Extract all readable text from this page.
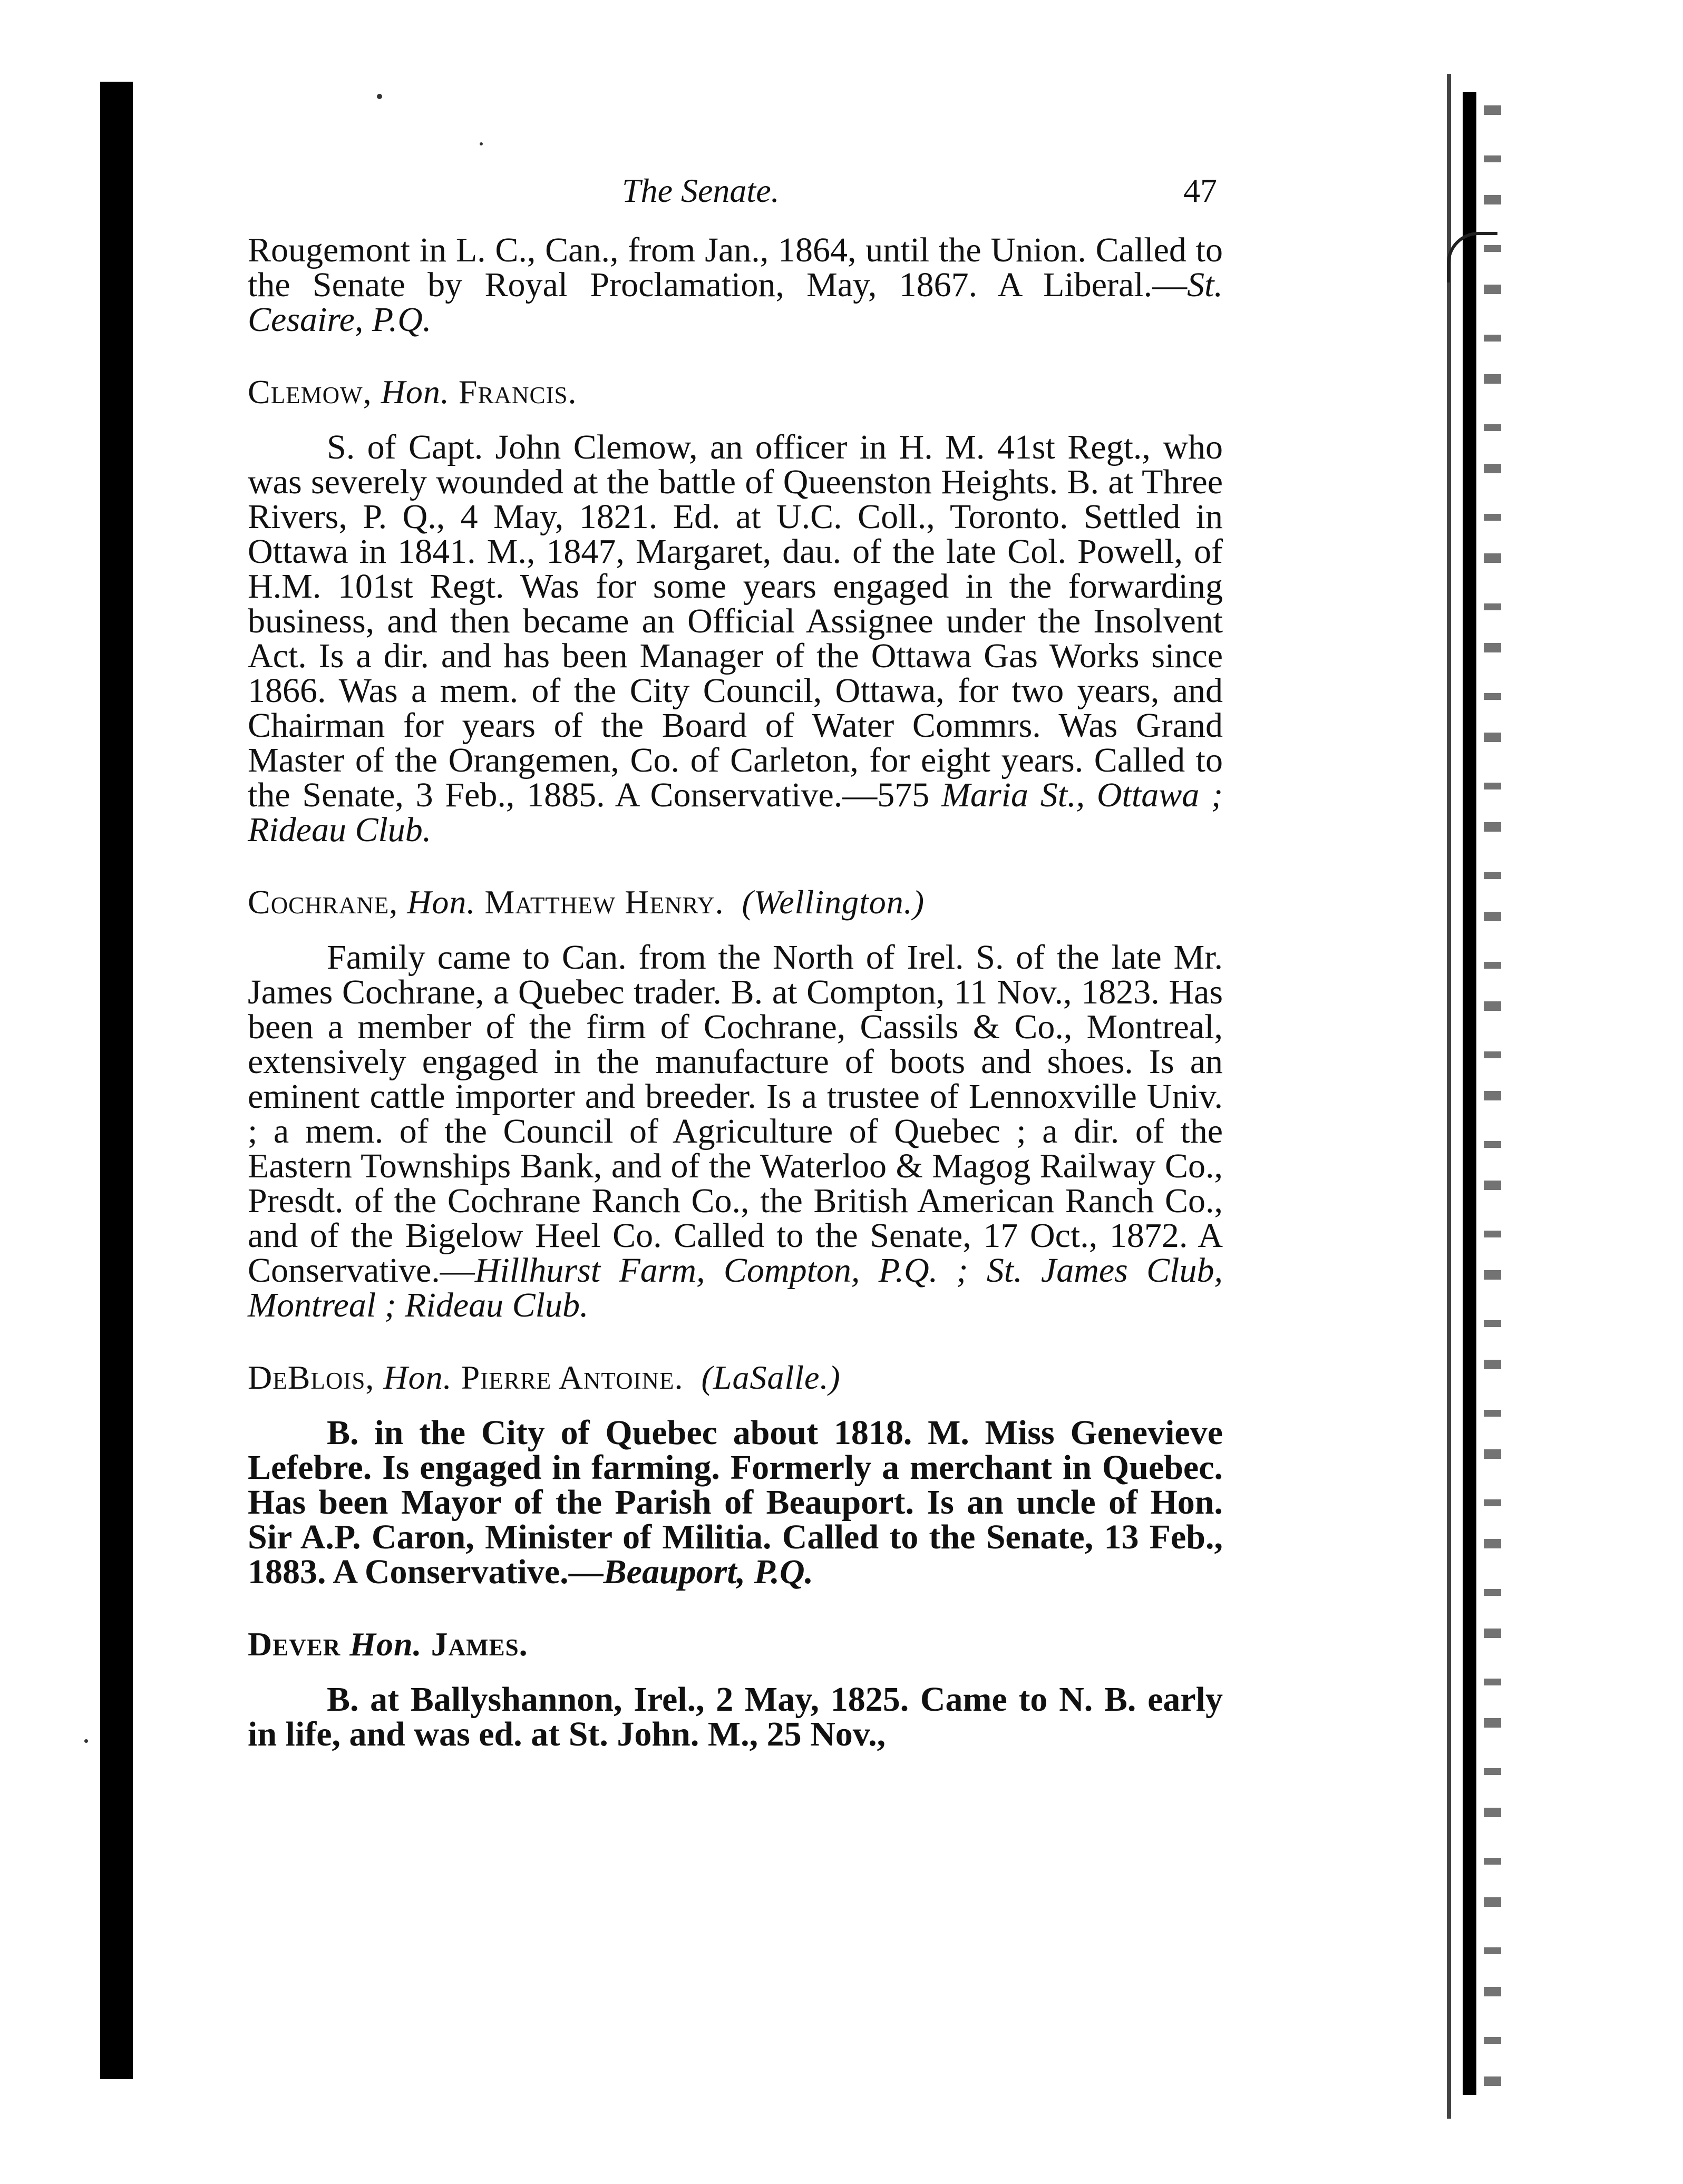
The Senate.	47

Rougemont in L. C., Can., from Jan., 1864, until the Union. Called to the Senate by Royal Proclamation, May, 1867. A Liberal.—St. Cesaire, P.Q.

Clemow, Hon. Francis.

S. of Capt. John Clemow, an officer in H. M. 41st Regt., who was severely wounded at the battle of Queenston Heights. B. at Three Rivers, P. Q., 4 May, 1821. Ed. at U.C. Coll., Toronto. Settled in Ottawa in 1841. M., 1847, Margaret, dau. of the late Col. Powell, of H.M. 101st Regt. Was for some years engaged in the forwarding business, and then became an Official Assignee under the Insolvent Act. Is a dir. and has been Manager of the Ottawa Gas Works since 1866. Was a mem. of the City Council, Ottawa, for two years, and Chairman for years of the Board of Water Commrs. Was Grand Master of the Orangemen, Co. of Carleton, for eight years. Called to the Senate, 3 Feb., 1885. A Conservative.—575 Maria St., Ottawa ; Rideau Club.

Cochrane, Hon. Matthew Henry. (Wellington.)

Family came to Can. from the North of Irel. S. of the late Mr. James Cochrane, a Quebec trader. B. at Compton, 11 Nov., 1823. Has been a member of the firm of Cochrane, Cassils & Co., Montreal, extensively engaged in the manufacture of boots and shoes. Is an eminent cattle importer and breeder. Is a trustee of Lennoxville Univ. ; a mem. of the Council of Agriculture of Quebec ; a dir. of the Eastern Townships Bank, and of the Waterloo & Magog Railway Co., Presdt. of the Cochrane Ranch Co., the British American Ranch Co., and of the Bigelow Heel Co. Called to the Senate, 17 Oct., 1872. A Conservative.—Hillhurst Farm, Compton, P.Q. ; St. James Club, Montreal ; Rideau Club.

DeBlois, Hon. Pierre Antoine. (LaSalle.)

B. in the City of Quebec about 1818. M. Miss Genevieve Lefebre. Is engaged in farming. Formerly a merchant in Quebec. Has been Mayor of the Parish of Beauport. Is an uncle of Hon. Sir A.P. Caron, Minister of Militia. Called to the Senate, 13 Feb., 1883. A Conservative.—Beauport, P.Q.

Dever Hon. James.

B. at Ballyshannon, Irel., 2 May, 1825. Came to N. B. early in life, and was ed. at St. John. M., 25 Nov.,
